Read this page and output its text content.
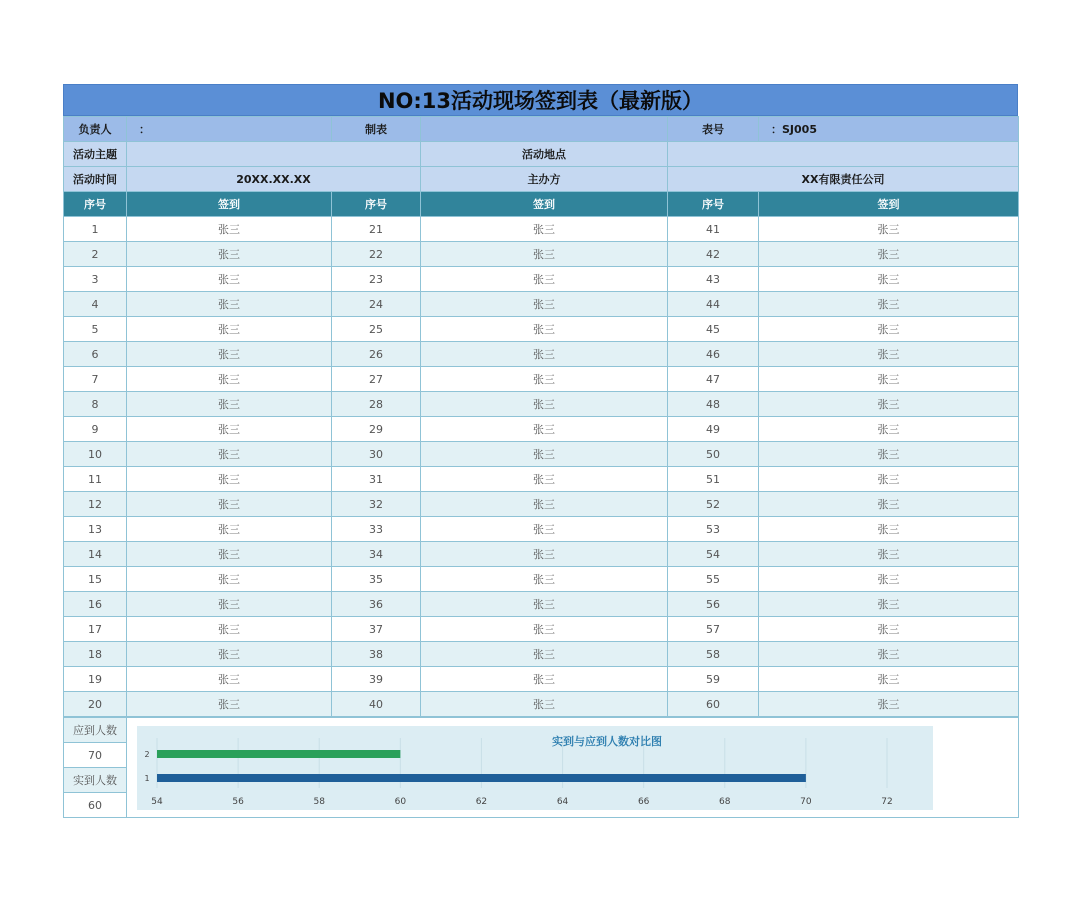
NO:13活动现场签到表（最新版）
负责人	：	制表		表号	：SJ005
活动主题			活动地点		
活动时间	20XX.XX.XX		主办方	XX有限责任公司	
序号	签到	序号	签到	序号	签到
1	张三	21	张三	41	张三
2	张三	22	张三	42	张三
3	张三	23	张三	43	张三
4	张三	24	张三	44	张三
5	张三	25	张三	45	张三
6	张三	26	张三	46	张三
7	张三	27	张三	47	张三
8	张三	28	张三	48	张三
9	张三	29	张三	49	张三
10	张三	30	张三	50	张三
11	张三	31	张三	51	张三
12	张三	32	张三	52	张三
13	张三	33	张三	53	张三
14	张三	34	张三	54	张三
15	张三	35	张三	55	张三
16	张三	36	张三	56	张三
17	张三	37	张三	57	张三
18	张三	38	张三	58	张三
19	张三	39	张三	59	张三
20	张三	40	张三	60	张三
应到人数	
实到与应到人数对比图
1
2
54	56	58	60	62	64	66	68	70	72

70
实到人数
60
